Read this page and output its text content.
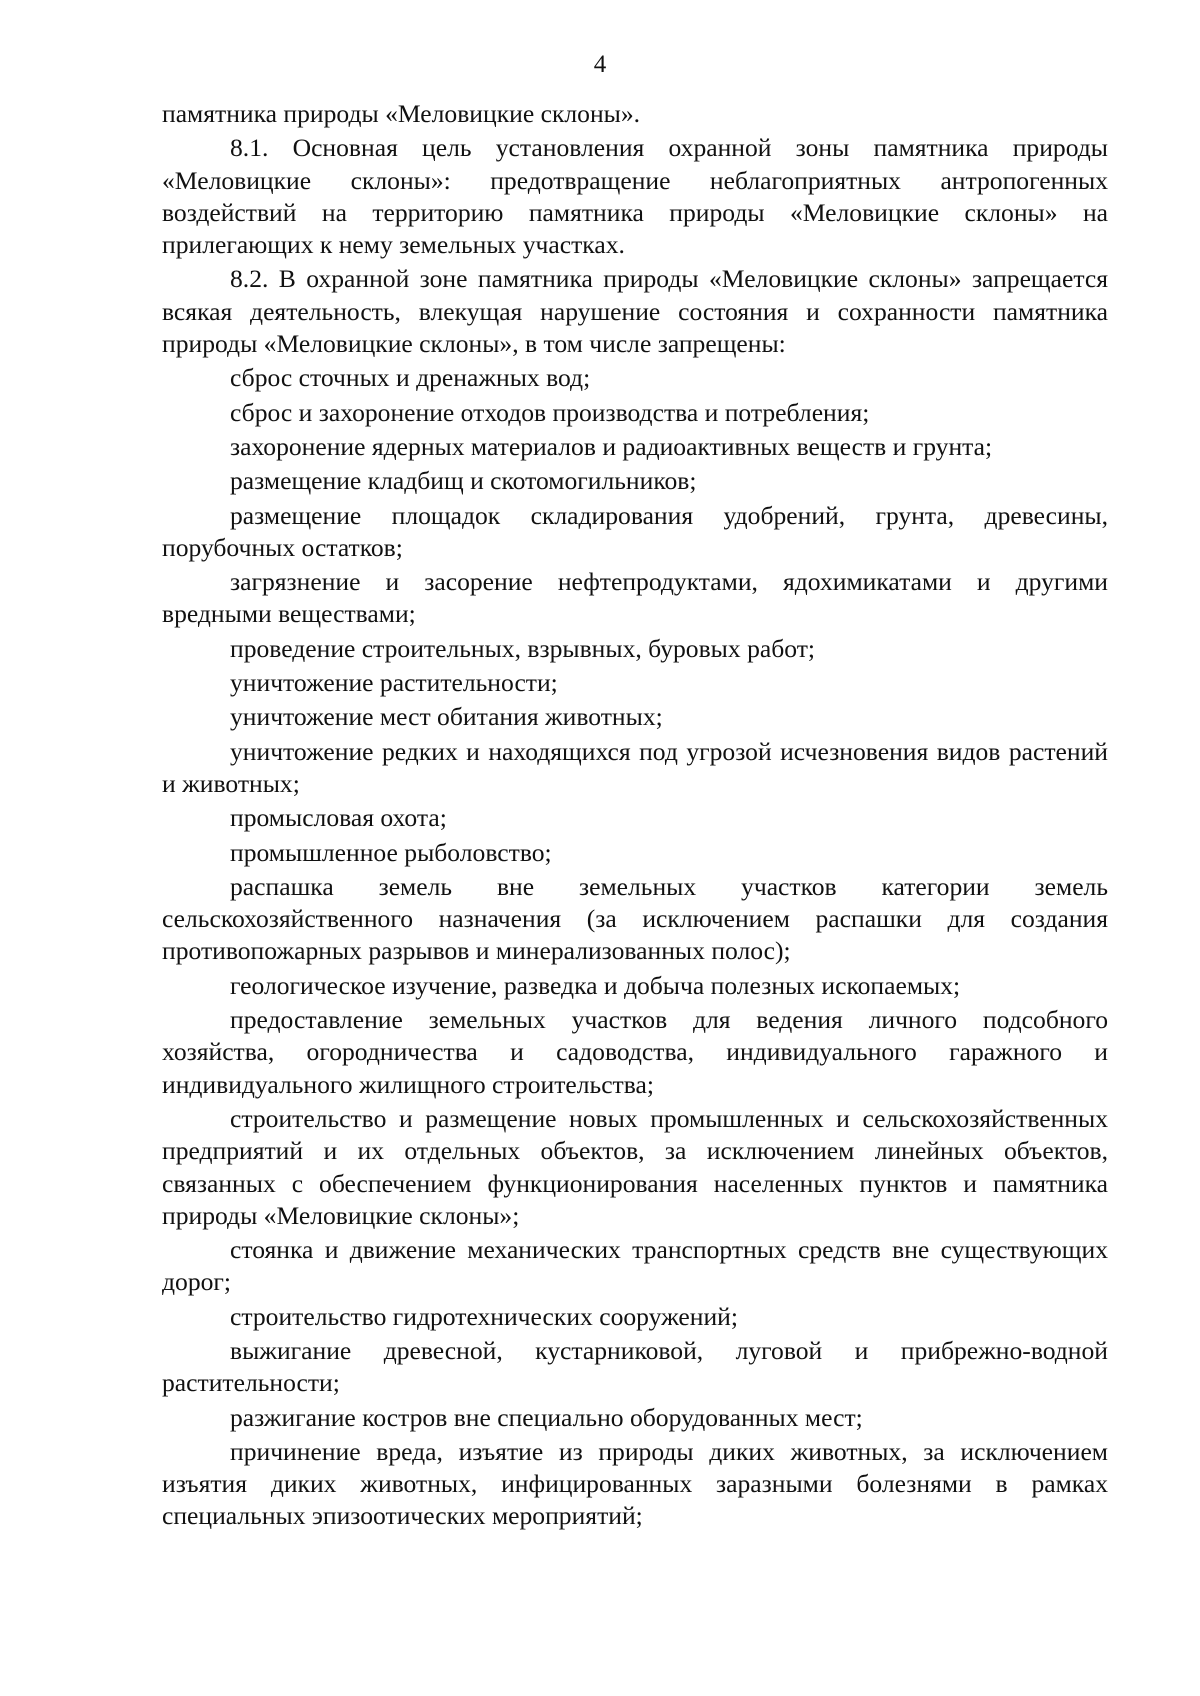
4

памятника природы «Меловицкие склоны».

8.1. Основная цель установления охранной зоны памятника природы «Меловицкие склоны»: предотвращение неблагоприятных антропогенных воздействий на территорию памятника природы «Меловицкие склоны» на прилегающих к нему земельных участках.

8.2. В охранной зоне памятника природы «Меловицкие склоны» запрещается всякая деятельность, влекущая нарушение состояния и сохранности памятника природы «Меловицкие склоны», в том числе запрещены:

сброс сточных и дренажных вод;

сброс и захоронение отходов производства и потребления;

захоронение ядерных материалов и радиоактивных веществ и грунта;

размещение кладбищ и скотомогильников;

размещение площадок складирования удобрений, грунта, древесины, порубочных остатков;

загрязнение и засорение нефтепродуктами, ядохимикатами и другими вредными веществами;

проведение строительных, взрывных, буровых работ;

уничтожение растительности;

уничтожение мест обитания животных;

уничтожение редких и находящихся под угрозой исчезновения видов растений и животных;

промысловая охота;

промышленное рыболовство;

распашка земель вне земельных участков категории земель сельскохозяйственного назначения (за исключением распашки для создания противопожарных разрывов и минерализованных полос);

геологическое изучение, разведка и добыча полезных ископаемых;

предоставление земельных участков для ведения личного подсобного хозяйства, огородничества и садоводства, индивидуального гаражного и индивидуального жилищного строительства;

строительство и размещение новых промышленных и сельскохозяйственных предприятий и их отдельных объектов, за исключением линейных объектов, связанных с обеспечением функционирования населенных пунктов и памятника природы «Меловицкие склоны»;

стоянка и движение механических транспортных средств вне существующих дорог;

строительство гидротехнических сооружений;

выжигание древесной, кустарниковой, луговой и прибрежно-водной растительности;

разжигание костров вне специально оборудованных мест;

причинение вреда, изъятие из природы диких животных, за исключением изъятия диких животных, инфицированных заразными болезнями в рамках специальных эпизоотических мероприятий;
